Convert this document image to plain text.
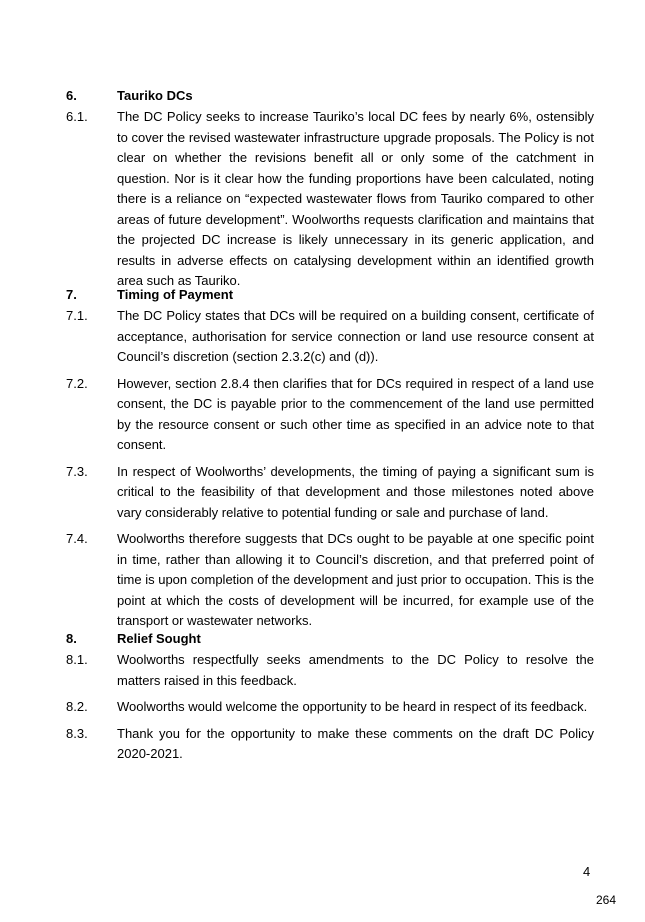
6.	Tauriko DCs
6.1. The DC Policy seeks to increase Tauriko’s local DC fees by nearly 6%, ostensibly to cover the revised wastewater infrastructure upgrade proposals. The Policy is not clear on whether the revisions benefit all or only some of the catchment in question. Nor is it clear how the funding proportions have been calculated, noting there is a reliance on “expected wastewater flows from Tauriko compared to other areas of future development”. Woolworths requests clarification and maintains that the projected DC increase is likely unnecessary in its generic application, and results in adverse effects on catalysing development within an identified growth area such as Tauriko.
7.	Timing of Payment
7.1. The DC Policy states that DCs will be required on a building consent, certificate of acceptance, authorisation for service connection or land use resource consent at Council’s discretion (section 2.3.2(c) and (d)).
7.2. However, section 2.8.4 then clarifies that for DCs required in respect of a land use consent, the DC is payable prior to the commencement of the land use permitted by the resource consent or such other time as specified in an advice note to that consent.
7.3. In respect of Woolworths’ developments, the timing of paying a significant sum is critical to the feasibility of that development and those milestones noted above vary considerably relative to potential funding or sale and purchase of land.
7.4. Woolworths therefore suggests that DCs ought to be payable at one specific point in time, rather than allowing it to Council’s discretion, and that preferred point of time is upon completion of the development and just prior to occupation. This is the point at which the costs of development will be incurred, for example use of the transport or wastewater networks.
8.	Relief Sought
8.1. Woolworths respectfully seeks amendments to the DC Policy to resolve the matters raised in this feedback.
8.2. Woolworths would welcome the opportunity to be heard in respect of its feedback.
8.3. Thank you for the opportunity to make these comments on the draft DC Policy 2020-2021.
4
264
